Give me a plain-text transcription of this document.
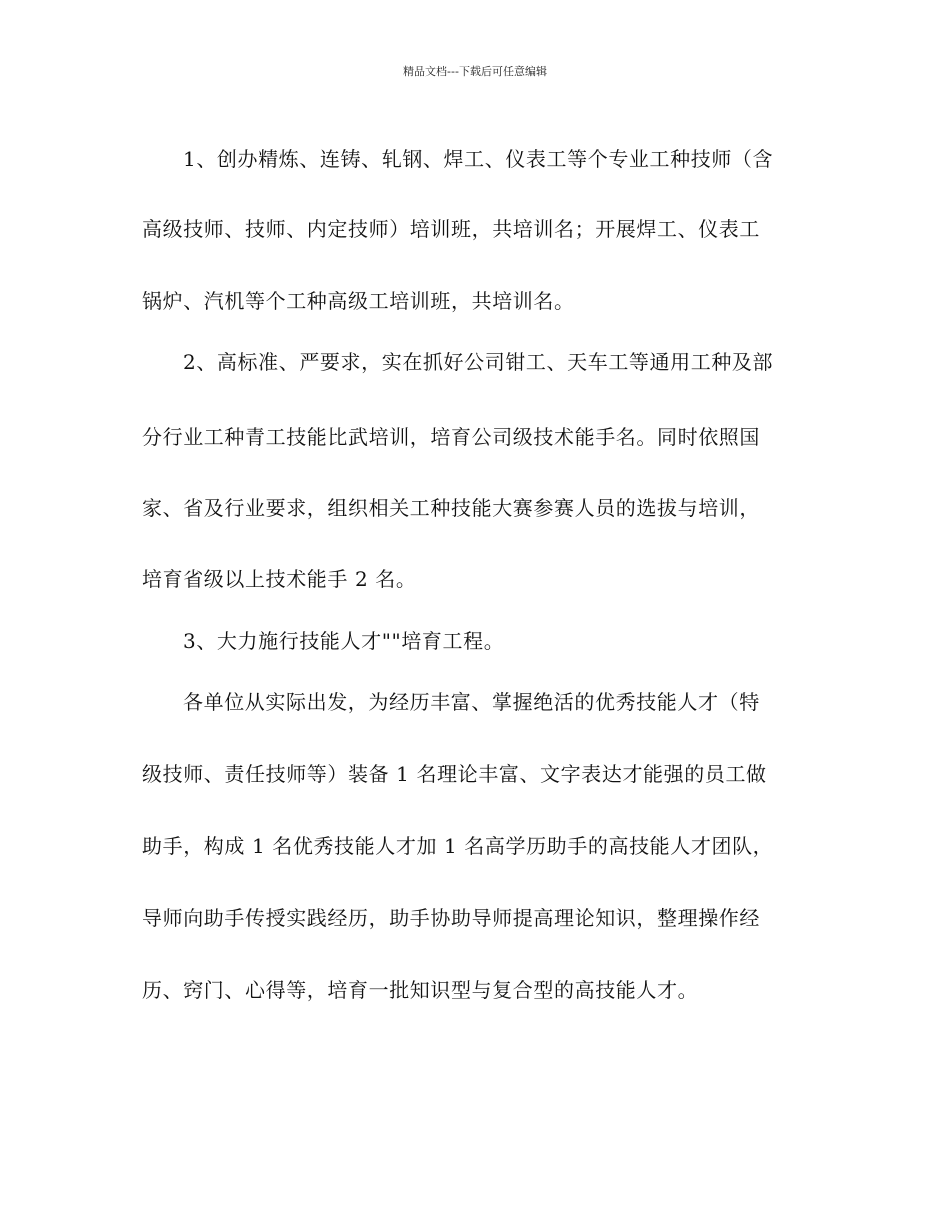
精品文档---下载后可任意编辑
1、创办精炼、连铸、轧钢、焊工、仪表工等个专业工种技师（含
高级技师、技师、内定技师）培训班，共培训名；开展焊工、仪表工
锅炉、汽机等个工种高级工培训班，共培训名。
2、高标准、严要求，实在抓好公司钳工、天车工等通用工种及部
分行业工种青工技能比武培训，培育公司级技术能手名。同时依照国
家、省及行业要求，组织相关工种技能大赛参赛人员的选拔与培训，
培育省级以上技术能手 2 名。
3、大力施行技能人才""培育工程。
各单位从实际出发，为经历丰富、掌握绝活的优秀技能人才（特
级技师、责任技师等）装备 1 名理论丰富、文字表达才能强的员工做
助手，构成 1 名优秀技能人才加 1 名高学历助手的高技能人才团队，
导师向助手传授实践经历，助手协助导师提高理论知识，整理操作经
历、窍门、心得等，培育一批知识型与复合型的高技能人才。
